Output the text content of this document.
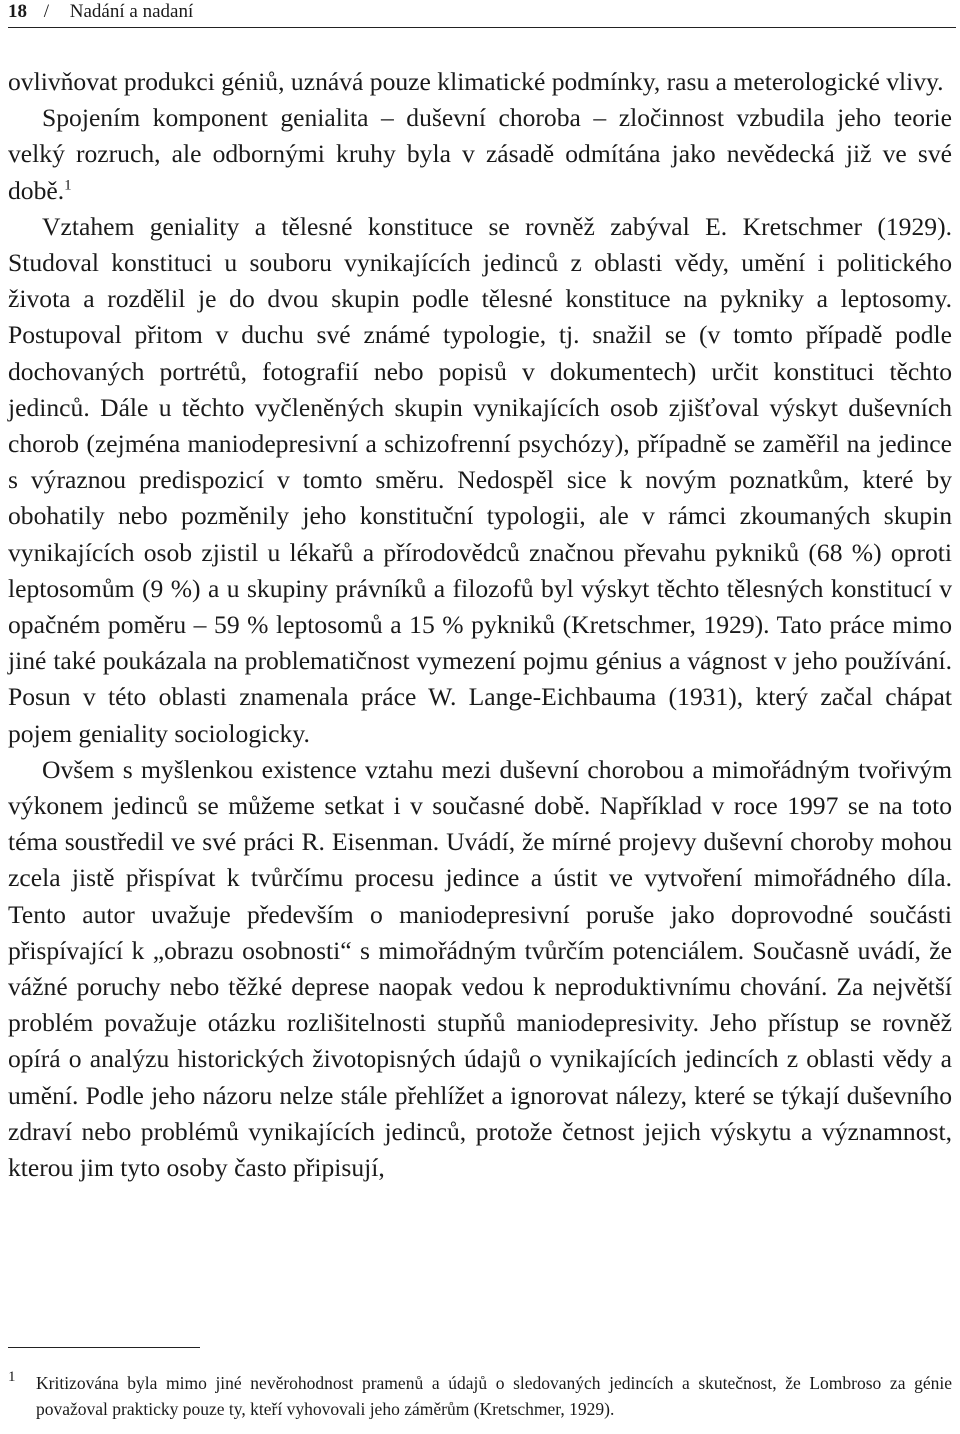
18 / Nadání a nadaní

ovlivňovat produkci géniů, uznává pouze klimatické podmínky, rasu a meterologické vlivy.

Spojením komponent genialita – duševní choroba – zločinnost vzbudila jeho teorie velký rozruch, ale odbornými kruhy byla v zásadě odmítána jako nevědecká již ve své době.$^1$

Vztahem geniality a tělesné konstituce se rovněž zabýval E. Kretschmer (1929). Studoval konstituci u souboru vynikajících jedinců z oblasti vědy, umění i politického života a rozdělil je do dvou skupin podle tělesné konstituce na pykniky a leptosomy. Postupoval přitom v duchu své známé typologie, tj. snažil se (v tomto případě podle dochovaných portrétů, fotografií nebo popisů v dokumentech) určit konstituci těchto jedinců. Dále u těchto vyčleněných skupin vynikajících osob zjišťoval výskyt duševních chorob (zejména maniodepresivní a schizofrenní psychózy), případně se zaměřil na jedince s výraznou predispozicí v tomto směru. Nedospěl sice k novým poznatkům, které by obohatily nebo pozměnily jeho konstituční typologii, ale v rámci zkoumaných skupin vynikajících osob zjistil u lékařů a přírodovědců značnou převahu pykniků (68 %) oproti leptosomům (9 %) a u skupiny právníků a filozofů byl výskyt těchto tělesných konstitucí v opačném poměru – 59 % leptosomů a 15 % pykniků (Kretschmer, 1929). Tato práce mimo jiné také poukázala na problematičnost vymezení pojmu génius a vágnost v jeho používání. Posun v této oblasti znamenala práce W. Lange-Eichbauma (1931), který začal chápat pojem geniality sociologicky.

Ovšem s myšlenkou existence vztahu mezi duševní chorobou a mimořádným tvořivým výkonem jedinců se můžeme setkat i v současné době. Například v roce 1997 se na toto téma soustředil ve své práci R. Eisenman. Uvádí, že mírné projevy duševní choroby mohou zcela jistě přispívat k tvůrčímu procesu jedince a ústit ve vytvoření mimořádného díla. Tento autor uvažuje především o maniodepresivní poruše jako doprovodné součásti přispívající k „obrazu osobnosti“ s mimořádným tvůrčím potenciálem. Současně uvádí, že vážné poruchy nebo těžké deprese naopak vedou k neproduktivnímu chování. Za největší problém považuje otázku rozlišitelnosti stupňů maniodepresivity. Jeho přístup se rovněž opírá o analýzu historických životopisných údajů o vynikajících jedincích z oblasti vědy a umění. Podle jeho názoru nelze stále přehlížet a ignorovat nálezy, které se týkají duševního zdraví nebo problémů vynikajících jedinců, protože četnost jejich výskytu a významnost, kterou jim tyto osoby často připisují,

1 Kritizována byla mimo jiné nevěrohodnost pramenů a údajů o sledovaných jedincích a skutečnost, že Lombroso za génie považoval prakticky pouze ty, kteří vyhovovali jeho záměrům (Kretschmer, 1929).
